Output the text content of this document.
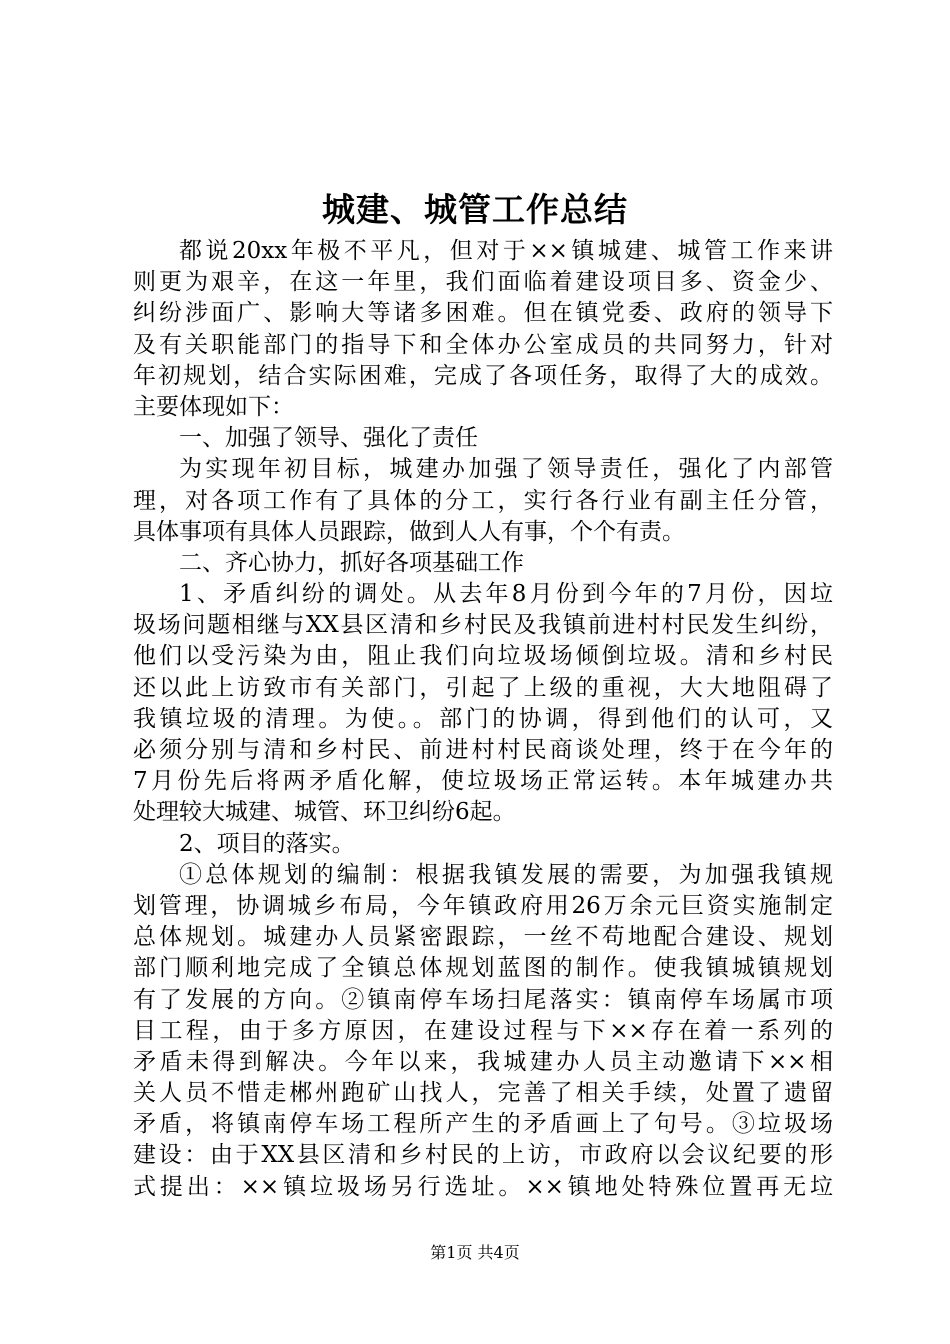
城建、城管工作总结
都说20xx年极不平凡，但对于××镇城建、城管工作来讲
则更为艰辛，在这一年里，我们面临着建设项目多、资金少、
纠纷涉面广、影响大等诸多困难。但在镇党委、政府的领导下
及有关职能部门的指导下和全体办公室成员的共同努力，针对
年初规划，结合实际困难，完成了各项任务，取得了大的成效。
主要体现如下：
一、加强了领导、强化了责任
为实现年初目标，城建办加强了领导责任，强化了内部管
理，对各项工作有了具体的分工，实行各行业有副主任分管，
具体事项有具体人员跟踪，做到人人有事，个个有责。
二、齐心协力，抓好各项基础工作
1、矛盾纠纷的调处。从去年8月份到今年的7月份，因垃
圾场问题相继与XX县区清和乡村民及我镇前进村村民发生纠纷，
他们以受污染为由，阻止我们向垃圾场倾倒垃圾。清和乡村民
还以此上访致市有关部门，引起了上级的重视，大大地阻碍了
我镇垃圾的清理。为使。。部门的协调，得到他们的认可，又
必须分别与清和乡村民、前进村村民商谈处理，终于在今年的
7月份先后将两矛盾化解，使垃圾场正常运转。本年城建办共
处理较大城建、城管、环卫纠纷6起。
2、项目的落实。
①总体规划的编制：根据我镇发展的需要，为加强我镇规
划管理，协调城乡布局，今年镇政府用26万余元巨资实施制定
总体规划。城建办人员紧密跟踪，一丝不苟地配合建设、规划
部门顺利地完成了全镇总体规划蓝图的制作。使我镇城镇规划
有了发展的方向。②镇南停车场扫尾落实：镇南停车场属市项
目工程，由于多方原因，在建设过程与下××存在着一系列的
矛盾未得到解决。今年以来，我城建办人员主动邀请下××相
关人员不惜走郴州跑矿山找人，完善了相关手续，处置了遗留
矛盾，将镇南停车场工程所产生的矛盾画上了句号。③垃圾场
建设：由于XX县区清和乡村民的上访，市政府以会议纪要的形
式提出：××镇垃圾场另行选址。××镇地处特殊位置再无垃
第1页 共4页
